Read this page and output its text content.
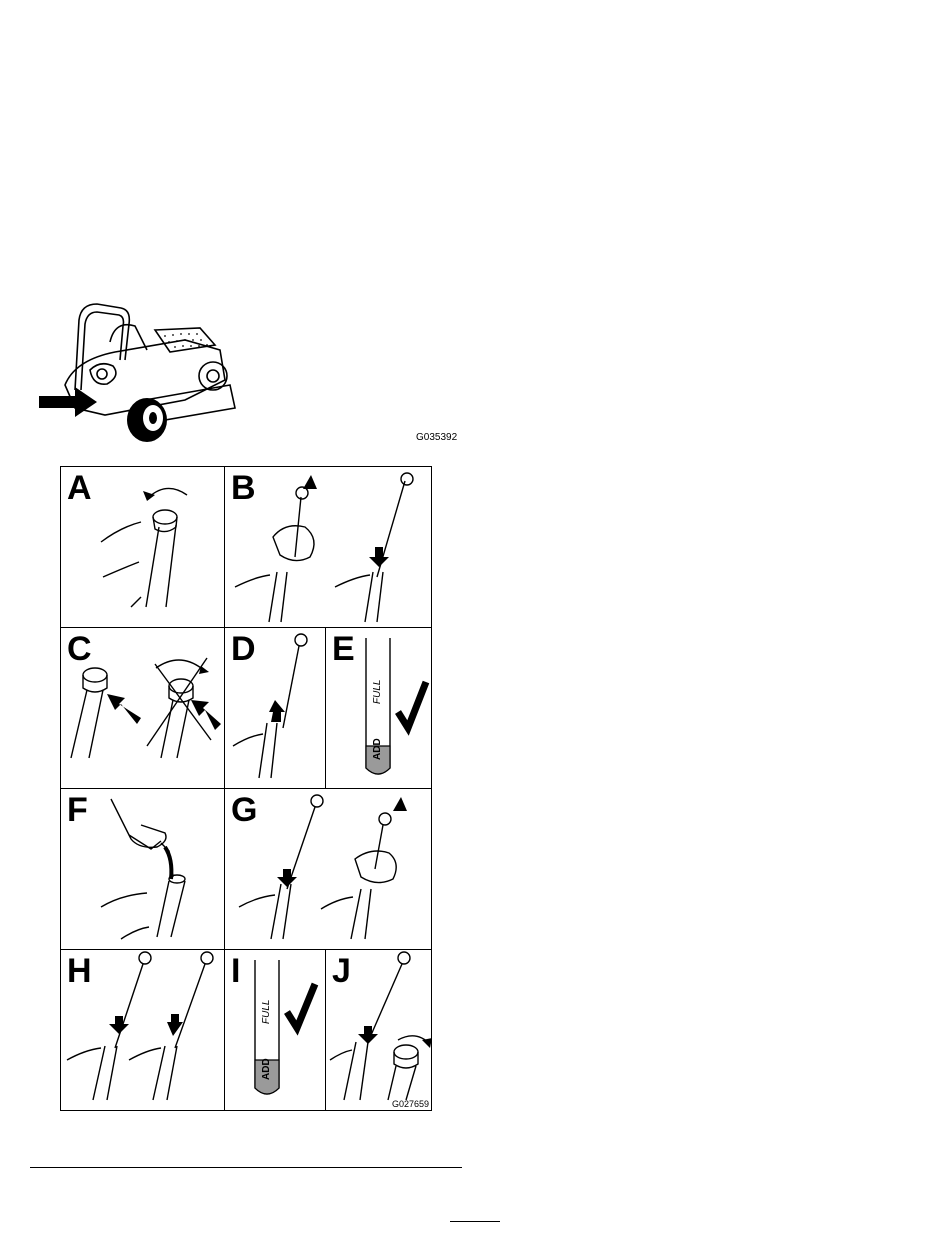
G035392
A	B
C	D E
ADD
FULL
F	G
H	I
ADD
FULL
J
G027659
